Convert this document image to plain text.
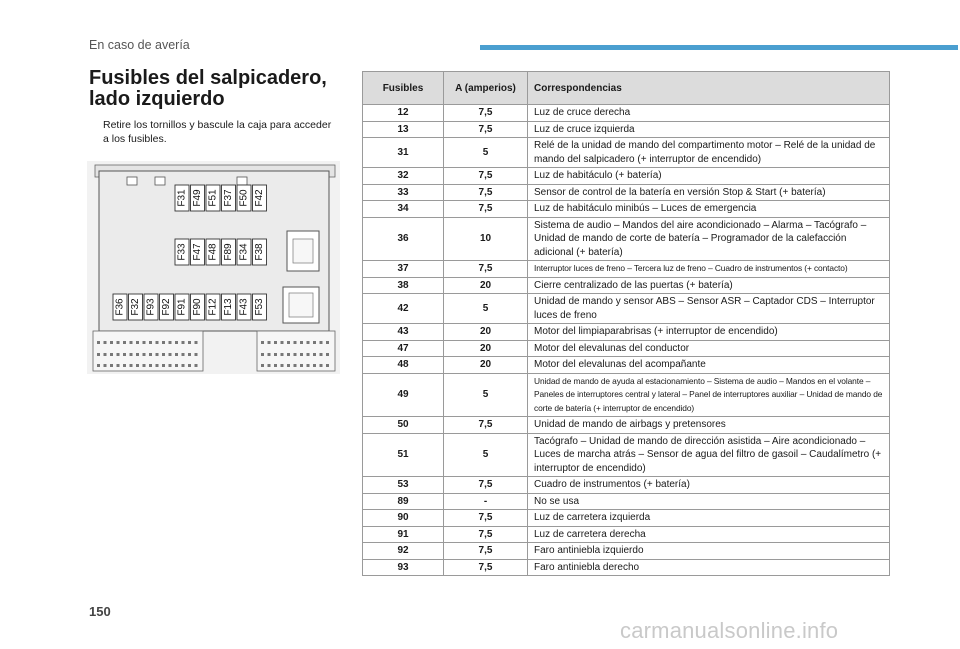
En caso de avería
Fusibles del salpicadero, lado izquierdo
Retire los tornillos y bascule la caja para acceder a los fusibles.
F31 F49 F51 F37 F50 F42
F33 F47 F48 F89 F34 F38
F36 F32 F93 F92 F91 F90 F12 F13 F43 F53
Fusibles	A (amperios)	Correspondencias
12	7,5	Luz de cruce derecha
13	7,5	Luz de cruce izquierda
31	5	Relé de la unidad de mando del compartimento motor – Relé de la unidad de mando del salpicadero (+ interruptor de encendido)
32	7,5	Luz de habitáculo (+ batería)
33	7,5	Sensor de control de la batería en versión Stop & Start (+ batería)
34	7,5	Luz de habitáculo minibús – Luces de emergencia
36	10	Sistema de audio – Mandos del aire acondicionado – Alarma – Tacógrafo – Unidad de mando de corte de batería – Programador de la calefacción adicional (+ batería)
37	7,5	Interruptor luces de freno – Tercera luz de freno – Cuadro de instrumentos (+ contacto)
38	20	Cierre centralizado de las puertas (+ batería)
42	5	Unidad de mando y sensor ABS – Sensor ASR – Captador CDS – Interruptor luces de freno
43	20	Motor del limpiaparabrisas (+ interruptor de encendido)
47	20	Motor del elevalunas del conductor
48	20	Motor del elevalunas del acompañante
49	5	Unidad de mando de ayuda al estacionamiento – Sistema de audio – Mandos en el volante – Paneles de interruptores central y lateral – Panel de interruptores auxiliar – Unidad de mando de corte de batería (+ interruptor de encendido)
50	7,5	Unidad de mando de airbags y pretensores
51	5	Tacógrafo – Unidad de mando de dirección asistida – Aire acondicionado – Luces de marcha atrás – Sensor de agua del filtro de gasoil – Caudalímetro (+ interruptor de encendido)
53	7,5	Cuadro de instrumentos (+ batería)
89	-	No se usa
90	7,5	Luz de carretera izquierda
91	7,5	Luz de carretera derecha
92	7,5	Faro antiniebla izquierdo
93	7,5	Faro antiniebla derecho
150
carmanualsonline.info
